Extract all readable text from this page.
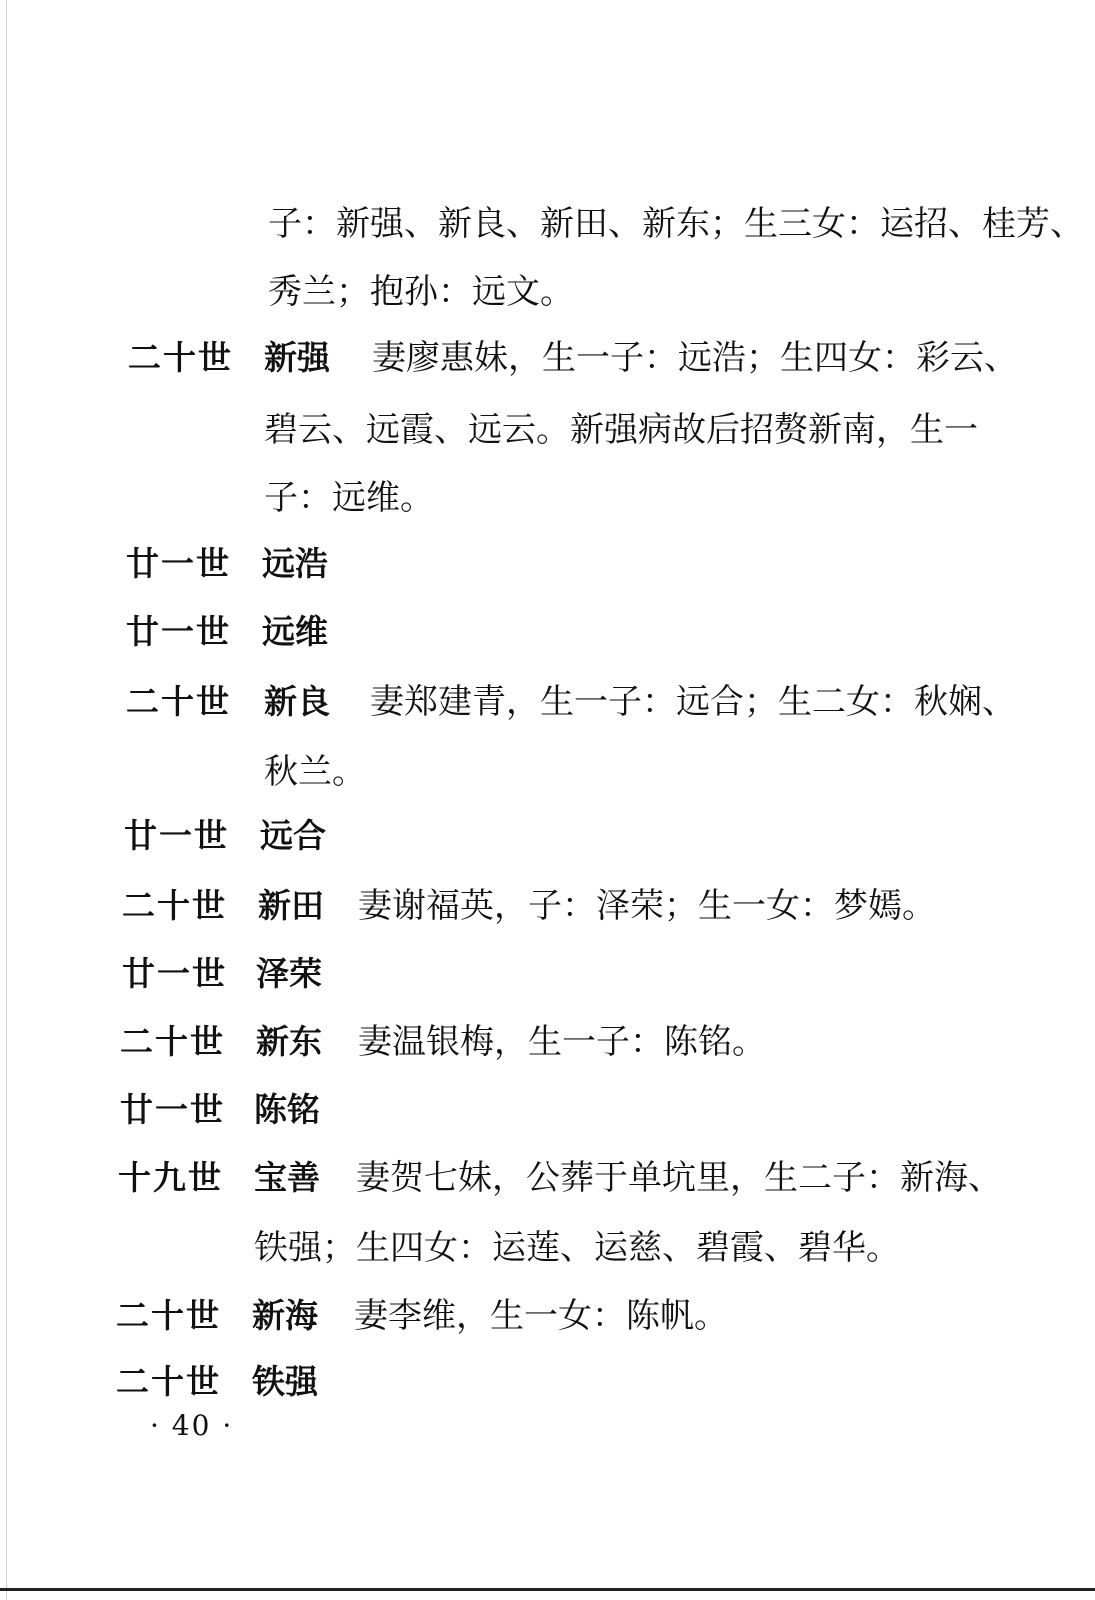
子：新强、新良、新田、新东；生三女：运招、桂芳、
秀兰；抱孙：远文。
二十世 新强 妻廖惠妹，生一子：远浩；生四女：彩云、
碧云、远霞、远云。新强病故后招赘新南，生一
子：远维。
廿一世 远浩
廿一世 远维
二十世 新良 妻郑建青，生一子：远合；生二女：秋娴、
秋兰。
廿一世 远合
二十世 新田 妻谢福英，子：泽荣；生一女：梦嫣。
廿一世 泽荣
二十世 新东 妻温银梅，生一子：陈铭。
廿一世 陈铭
十九世 宝善 妻贺七妹，公葬于单坑里，生二子：新海、
铁强；生四女：运莲、运慈、碧霞、碧华。
二十世 新海 妻李维，生一女：陈帆。
二十世 铁强
· 40 ·
